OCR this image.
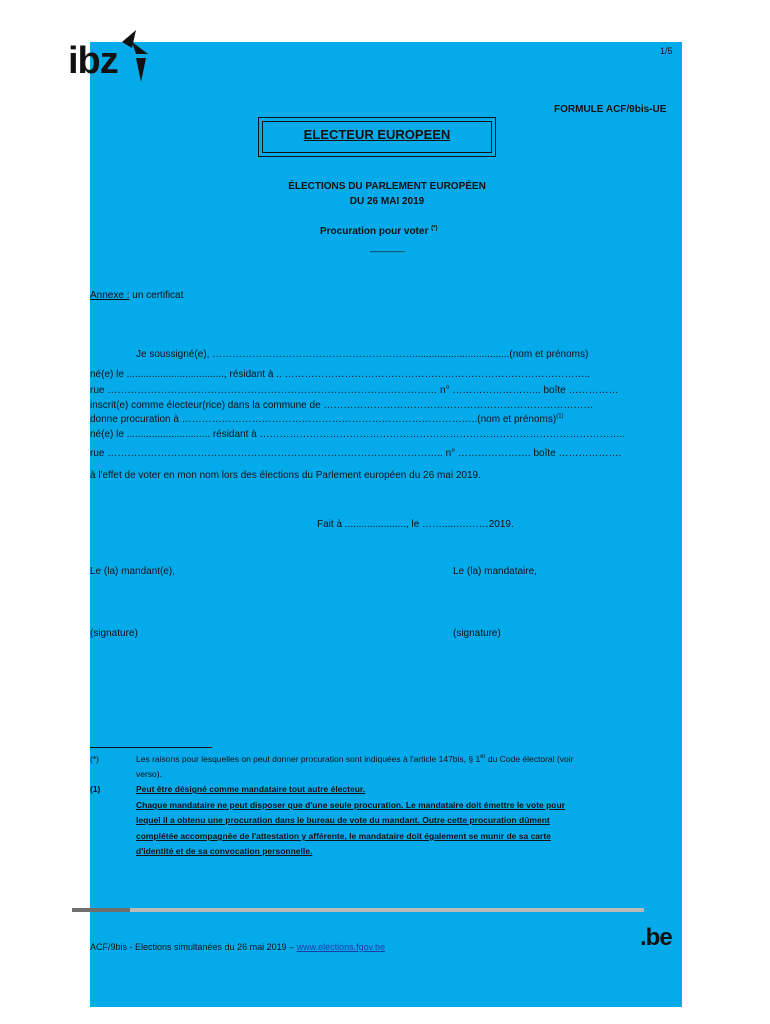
ibz	1/5
FORMULE ACF/9bis-UE
ELECTEUR EUROPEEN
ÉLECTIONS DU PARLEMENT EUROPÉEN
DU 26 MAI 2019
Procuration pour voter (*)
_______
Annexe : un certificat
Je soussigné(e), ……………………………………………………...................................(nom et prénoms)
né(e) le ..................................., résidant à .. ………………………………………………………………………………..
rue ……………………………………………………………………………………… n° ……………………... boîte ……………
inscrit(e) comme électeur(rice) dans la commune de ………………………………………………………………………
donne procuration à ……………………………………………………………………………..(nom et prénoms)$^{(1)}$
né(e) le .............................. résidant à ………………………………………………………………………………………………..
rue ……………………………………………………………………………………….. n° …………………. boîte ……………….
à l'effet de voter en mon nom lors des élections du Parlement européen du 26 mai 2019.
Fait à ......................, le …….....….……2019.
Le (la) mandant(e),	Le (la) mandataire,
(signature)	(signature)
(*)	Les raisons pour lesquelles on peut donner procuration sont indiquées à l'article 147bis, § 1er du Code électoral (voir
verso).
(1)	Peut être désigné comme mandataire tout autre électeur.
Chaque mandataire ne peut disposer que d'une seule procuration. Le mandataire doit émettre le vote pour
lequel il a obtenu une procuration dans le bureau de vote du mandant. Outre cette procuration dûment
complétée accompagnée de l'attestation y afférente, le mandataire doit également se munir de sa carte
d'identité et de sa convocation personnelle.
ACF/9bis - Elections simultanées du 26 mai 2019 – www.elections.fgov.be	.be
